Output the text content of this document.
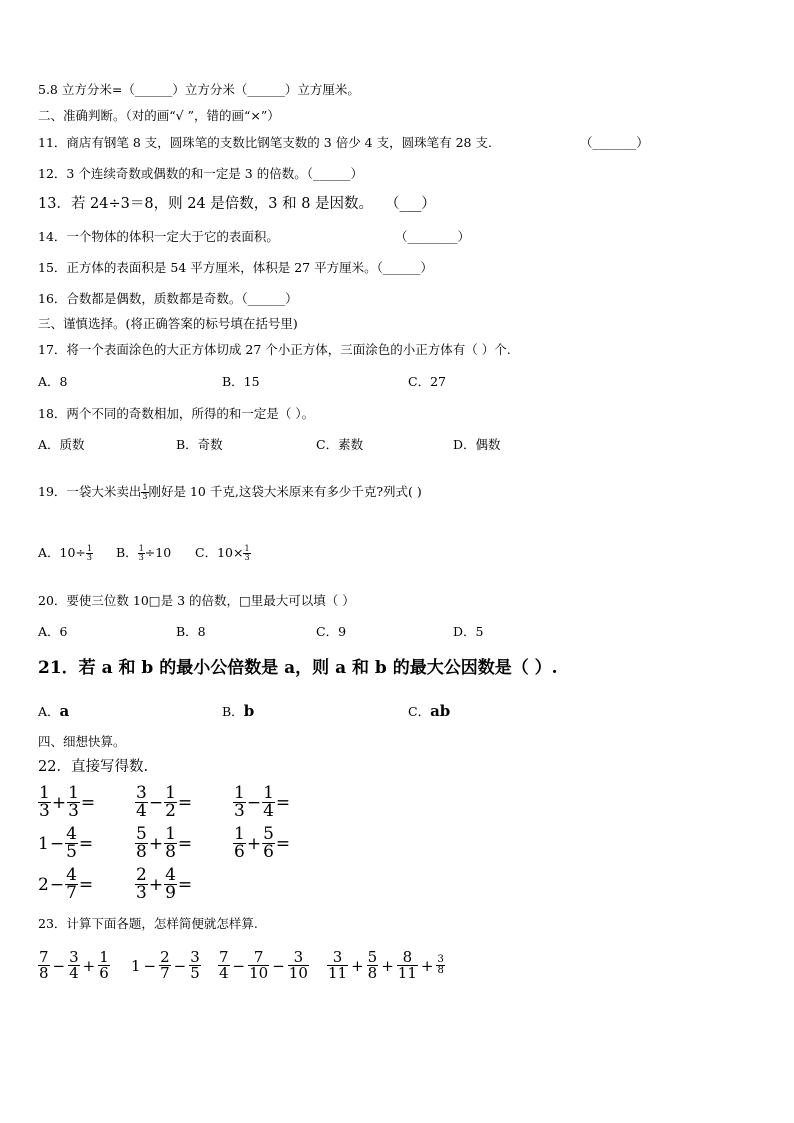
5.8 立方分米=（______）立方分米（______）立方厘米。
二、准确判断。（对的画“√ ”，错的画“×”）
11．商店有钢笔 8 支，圆珠笔的支数比钢笔支数的 3 倍少 4 支，圆珠笔有 28 支.	（_______）
12．3 个连续奇数或偶数的和一定是 3 的倍数。（______）
13．若 24÷3＝8，则 24 是倍数，3 和 8 是因数。 （___）
14．一个物体的体积一定大于它的表面积。	（________）
15．正方体的表面积是 54 平方厘米，体积是 27 平方厘米。（______）
16．合数都是偶数，质数都是奇数。（______）
三、谨慎选择。(将正确答案的标号填在括号里)
17．将一个表面涂色的大正方体切成 27 个小正方体，三面涂色的小正方体有（ ）个.
A．8	B．15	C．27
18．两个不同的奇数相加，所得的和一定是（ ）。
A．质数	B．奇数	C．素数	D．偶数
19．一袋大米卖出 $\frac{1}{3}$ 刚好是 10 千克,这袋大米原来有多少千克?列式( )
A．$10\div \frac{1}{3}$ B． $\frac{1}{3} \div 10$ C．$10\times \frac{1}{3}$
20．要使三位数 10□是 3 的倍数，□里最大可以填（ ）
A．6	B．8	C．9	D．5
21．若 a 和 b 的最小公倍数是 a，则 a 和 b 的最大公因数是（ ）.
A．a	B．b	C．ab
四、细想快算。
22．直接写得数.
$\frac{1}{3} + \frac{1}{3} = \frac{3}{4} - \frac{1}{2} = \frac{1}{3} - \frac{1}{4}$ =
$1 - \frac{4}{5} = \frac{5}{8} + \frac{1}{8} = \frac{1}{6} + \frac{5}{6}$ =
$2 - \frac{4}{7} = \frac{2}{3} + \frac{4}{9}$ =
23．计算下面各题，怎样简便就怎样算.
$\frac{7}{8} - \frac{3}{4} + \frac{1}{6} 1 - \frac{2}{7} - \frac{3}{5} \frac{7}{4} - \frac{7}{10} - \frac{3}{10} \frac{3}{11} + \frac{5}{8} + \frac{8}{11} + \frac{3}{8}$
